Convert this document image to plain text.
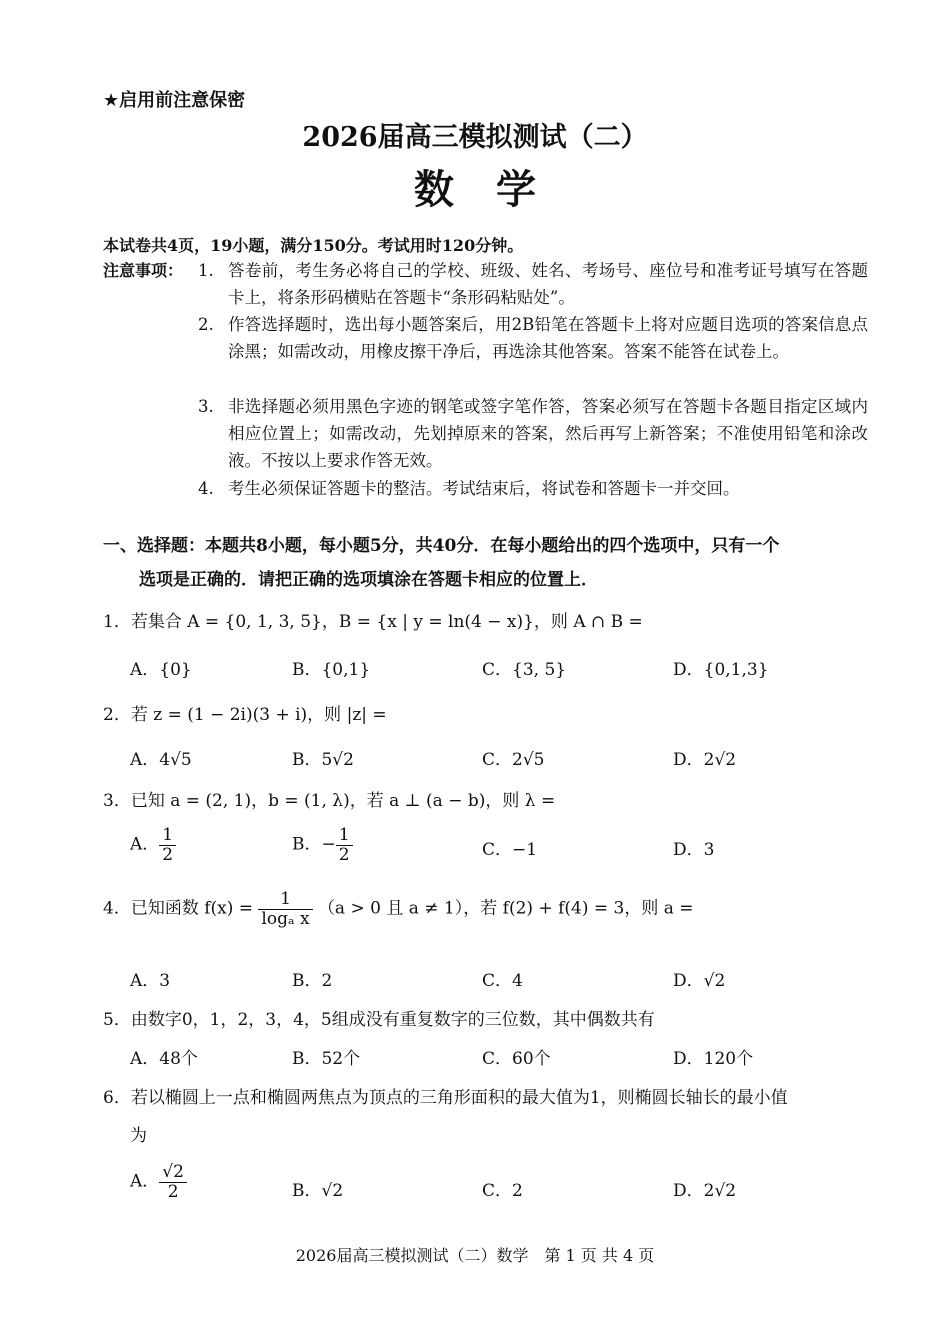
★启用前注意保密
2026届高三模拟测试（二）
数学
本试卷共4页，19小题，满分150分。考试用时120分钟。
注意事项： 1. 答卷前，考生务必将自己的学校、班级、姓名、考场号、座位号和准考证号填写在答题卡上，将条形码横贴在答题卡“条形码粘贴处”。
2. 作答选择题时，选出每小题答案后，用2B铅笔在答题卡上将对应题目选项的答案信息点涂黑；如需改动，用橡皮擦干净后，再选涂其他答案。答案不能答在试卷上。
3. 非选择题必须用黑色字迹的钢笔或签字笔作答，答案必须写在答题卡各题目指定区域内相应位置上；如需改动，先划掉原来的答案，然后再写上新答案；不准使用铅笔和涂改液。不按以上要求作答无效。
4. 考生必须保证答题卡的整洁。考试结束后，将试卷和答题卡一并交回。
一、选择题：本题共8小题，每小题5分，共40分．在每小题给出的四个选项中，只有一个
选项是正确的．请把正确的选项填涂在答题卡相应的位置上．
1．若集合 A = {0, 1, 3, 5}，B = {x | y = ln(4 − x)}，则 A ∩ B =
A．{0}	B．{0,1}	C．{3, 5}	D．{0,1,3}
2．若 z = (1 − 2i)(3 + i)，则 |z| =
A．4√5	B．5√2	C．2√5	D．2√2
3．已知 a = (2, 1)，b = (1, λ)，若 a ⊥ (a − b)，则 λ =
A． $\frac{1}{2}$	B．− $\frac{1}{2}$	C．−1	D．3
4．已知函数 $f(x) = \frac{1}{\text{logₐ x}} (a > 0$ 且 a ≠ 1），若 f(2) + f(4) = 3，则 a =
A．3	B．2	C．4	D．√2
5．由数字0，1，2，3，4，5组成没有重复数字的三位数，其中偶数共有
A．48个	B．52个	C．60个	D．120个
6．若以椭圆上一点和椭圆两焦点为顶点的三角形面积的最大值为1，则椭圆长轴长的最小值
为
A． $\frac{√2}{2}$	B．√2	C．2	D．2√2
2026届高三模拟测试（二）数学　第 1 页 共 4 页
